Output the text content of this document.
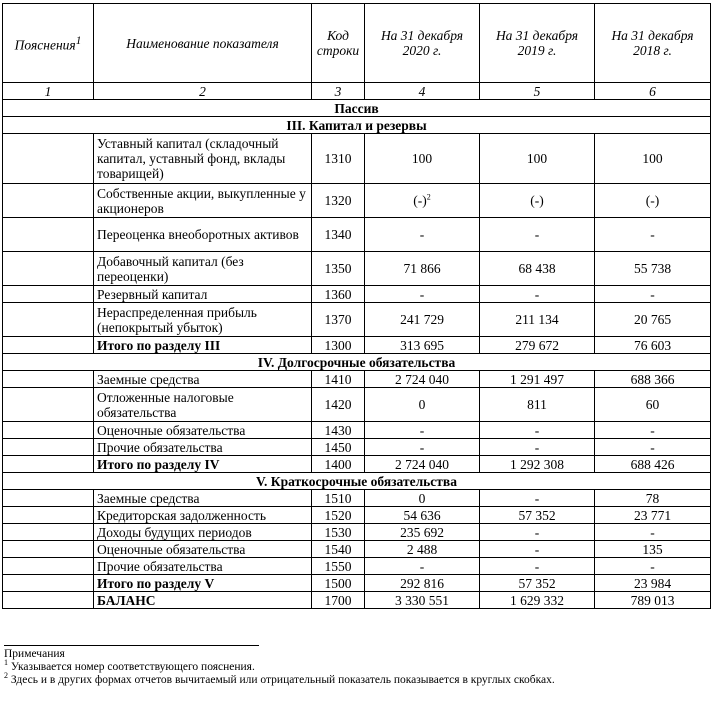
Пояснения$^1$	Наименование показателя	Код строки	На 31 декабря 2020 г.	На 31 декабря 2019 г.	На 31 декабря 2018 г.
1	2	3	4	5	6
Пассив					
III. Капитал и резервы					
	Уставный капитал (складочный капитал, уставный фонд, вклады товарищей)	1310	100	100	100
	Собственные акции, выкупленные у акционеров	1320	$(-)^2$	(-)	(-)
	Переоценка внеоборотных активов	1340	-	-	-
	Добавочный капитал (без переоценки)	1350	71 866	68 438	55 738
	Резервный капитал	1360	-	-	-
	Нераспределенная прибыль (непокрытый убыток)	1370	241 729	211 134	20 765
	Итого по разделу III	1300	313 695	279 672	76 603
IV. Долгосрочные обязательства					
	Заемные средства	1410	2 724 040	1 291 497	688 366
	Отложенные налоговые обязательства	1420	0	811	60
	Оценочные обязательства	1430	-	-	-
	Прочие обязательства	1450	-	-	-
	Итого по разделу IV	1400	2 724 040	1 292 308	688 426
V. Краткосрочные обязательства					
	Заемные средства	1510	0	-	78
	Кредиторская задолженность	1520	54 636	57 352	23 771
	Доходы будущих периодов	1530	235 692	-	-
	Оценочные обязательства	1540	2 488	-	135
	Прочие обязательства	1550	-	-	-
	Итого по разделу V	1500	292 816	57 352	23 984
	БАЛАНС	1700	3 330 551	1 629 332	789 013
Примечания
$^1$ Указывается номер соответствующего пояснения.
$^2$ Здесь и в других формах отчетов вычитаемый или отрицательный показатель показывается в круглых скобках.
